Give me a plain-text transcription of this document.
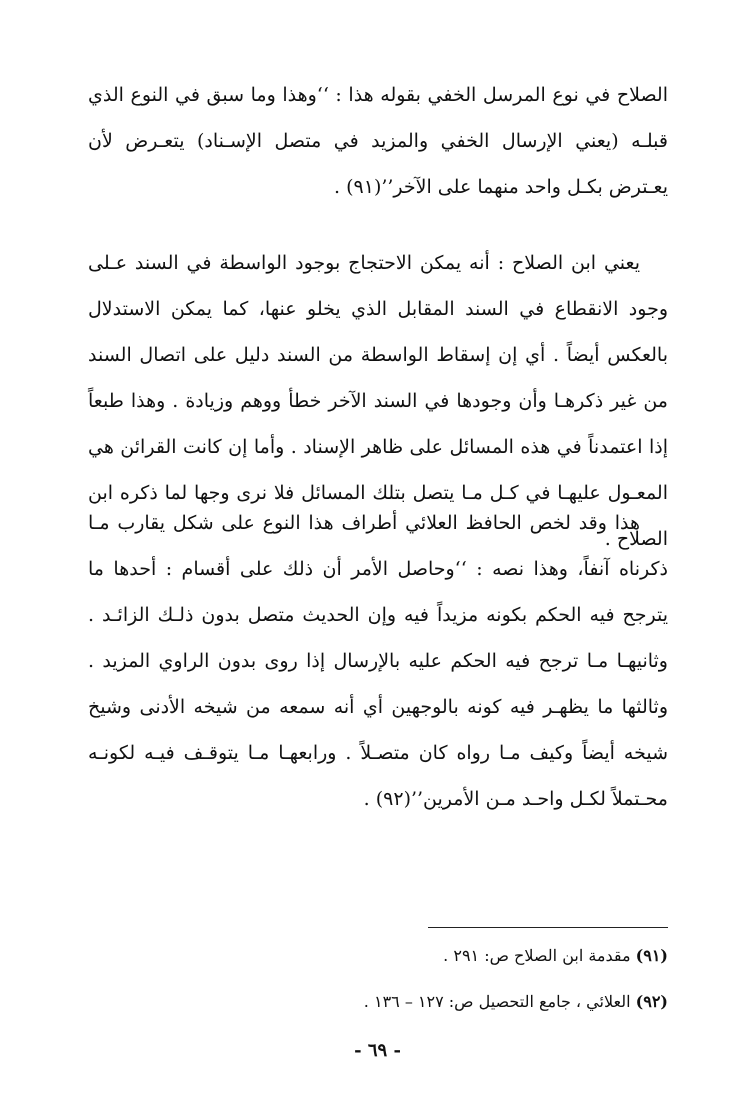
الصلاح في نوع المرسل الخفي بقوله هذا : ‘‘وهذا وما سبق في النوع الذي قبلـه (يعني الإرسال الخفي والمزيد في متصل الإسـناد) يتعـرض لأن يعـترض بكـل واحد منهما على الآخر’’(٩١) .

يعني ابن الصلاح : أنه يمكن الاحتجاج بوجود الواسطة في السند عـلى وجود الانقطاع في السند المقابل الذي يخلو عنها، كما يمكن الاستدلال بالعكس أيضاً . أي إن إسقاط الواسطة من السند دليل على اتصال السند من غير ذكرهـا وأن وجودها في السند الآخر خطأ ووهم وزيادة . وهذا طبعاً إذا اعتمدناً في هذه المسائل على ظاهر الإسناد . وأما إن كانت القرائن هي المعـول عليهـا في كـل مـا يتصل بتلك المسائل فلا نرى وجها لما ذكره ابن الصلاح .

هذا وقد لخص الحافظ العلائي أطراف هذا النوع على شكل يقارب مـا ذكرناه آنفاً، وهذا نصه : ‘‘وحاصل الأمر أن ذلك على أقسام : أحدها ما يترجح فيه الحكم بكونه مزيداً فيه وإن الحديث متصل بدون ذلـك الزائـد . وثانيهـا مـا ترجح فيه الحكم عليه بالإرسال إذا روى بدون الراوي المزيد . وثالثها ما يظهـر فيه كونه بالوجهين أي أنه سمعه من شيخه الأدنى وشيخ شيخه أيضاً وكيف مـا رواه كان متصـلاً . ورابعهـا مـا يتوقـف فيـه لكونـه محـتملاً لكـل واحـد مـن الأمرين’’(٩٢) .

(٩١) مقدمة ابن الصلاح ص: ٢٩١ .
(٩٢) العلائي ، جامع التحصيل ص: ١٢٧ – ١٣٦ .
- ٦٩ -
